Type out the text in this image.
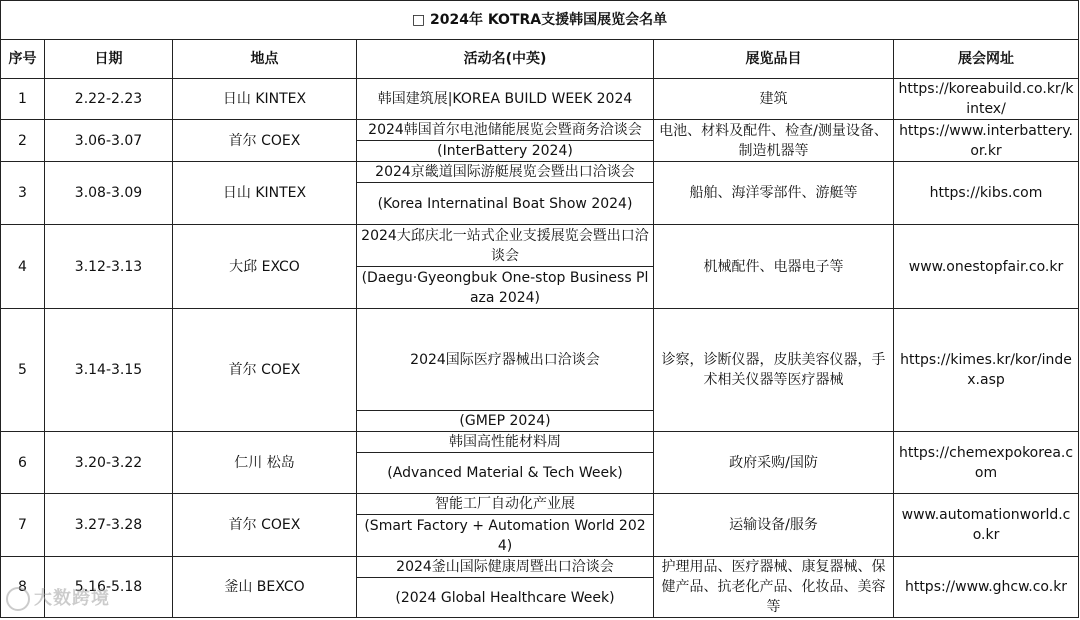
□ 2024年 KOTRA支援韩国展览会名单					
序号	日期	地点	活动名(中英)	展览品目	展会网址
1	2.22-2.23	日山 KINTEX	韩国建筑展|KOREA BUILD WEEK 2024	建筑	https://koreabuild.co.kr/kintex/
2	3.06-3.07	首尔 COEX	2024韩国首尔电池储能展览会暨商务洽谈会	电池、材料及配件、检查/测量设备、制造机器等	https://www.interbattery.or.kr
			(InterBattery 2024)		
3	3.08-3.09	日山 KINTEX	2024京畿道国际游艇展览会暨出口洽谈会	船舶、海洋零部件、游艇等	https://kibs.com
			(Korea Internatinal Boat Show 2024)		
4	3.12-3.13	大邱 EXCO	2024大邱庆北一站式企业支援展览会暨出口洽谈会	机械配件、电器电子等	www.onestopfair.co.kr
			(Daegu·Gyeongbuk One-stop Business Plaza 2024)		
5	3.14-3.15	首尔 COEX	2024国际医疗器械出口洽谈会	诊察，诊断仪器，皮肤美容仪器，手术相关仪器等医疗器械	https://kimes.kr/kor/index.asp
			(GMEP 2024)		
6	3.20-3.22	仁川 松岛	韩国高性能材料周	政府采购/国防	https://chemexpokorea.com
			(Advanced Material & Tech Week)		
7	3.27-3.28	首尔 COEX	智能工厂自动化产业展	运输设备/服务	www.automationworld.co.kr
			(Smart Factory + Automation World 2024)		
8	5.16-5.18	釜山 BEXCO	2024釜山国际健康周暨出口洽谈会	护理用品、医疗器械、康复器械、保健产品、抗老化产品、化妆品、美容等	https://www.ghcw.co.kr
			(2024 Global Healthcare Week)		
大数跨境
